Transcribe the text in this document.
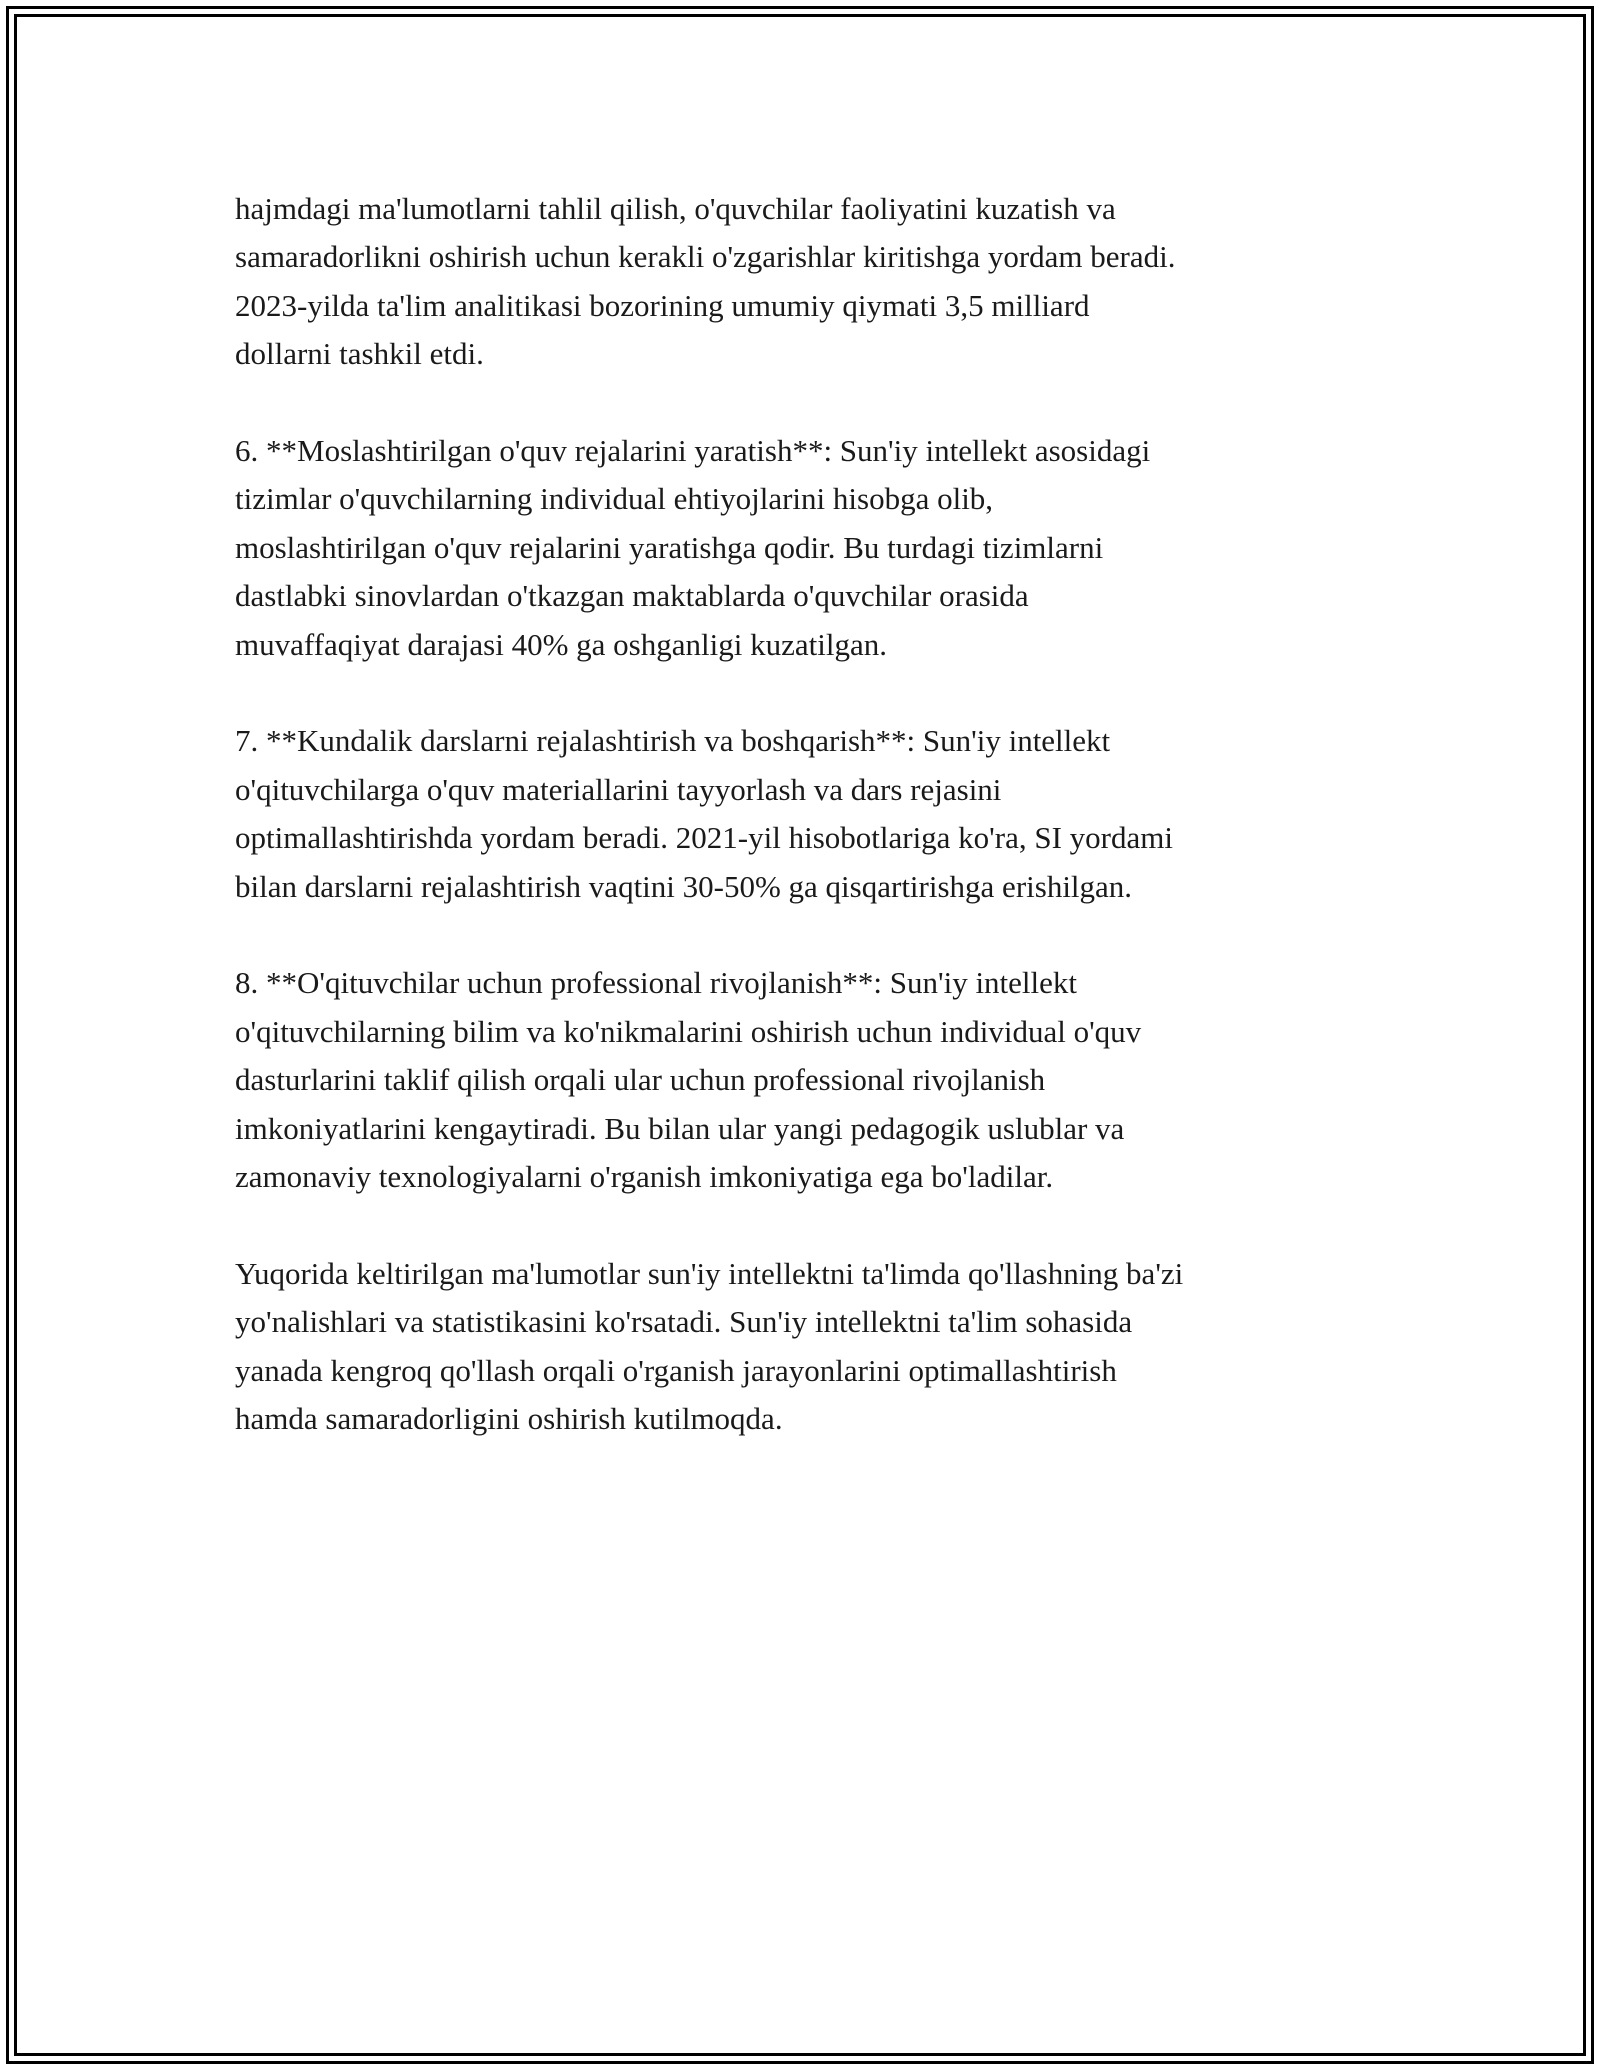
hajmdagi ma'lumotlarni tahlil qilish, o'quvchilar faoliyatini kuzatish va
samaradorlikni oshirish uchun kerakli o'zgarishlar kiritishga yordam beradi.
2023-yilda ta'lim analitikasi bozorining umumiy qiymati 3,5 milliard
dollarni tashkil etdi.

6. **Moslashtirilgan o'quv rejalarini yaratish**: Sun'iy intellekt asosidagi
tizimlar o'quvchilarning individual ehtiyojlarini hisobga olib,
moslashtirilgan o'quv rejalarini yaratishga qodir. Bu turdagi tizimlarni
dastlabki sinovlardan o'tkazgan maktablarda o'quvchilar orasida
muvaffaqiyat darajasi 40% ga oshganligi kuzatilgan.

7. **Kundalik darslarni rejalashtirish va boshqarish**: Sun'iy intellekt
o'qituvchilarga o'quv materiallarini tayyorlash va dars rejasini
optimallashtirishda yordam beradi. 2021-yil hisobotlariga ko'ra, SI yordami
bilan darslarni rejalashtirish vaqtini 30-50% ga qisqartirishga erishilgan.

8. **O'qituvchilar uchun professional rivojlanish**: Sun'iy intellekt
o'qituvchilarning bilim va ko'nikmalarini oshirish uchun individual o'quv
dasturlarini taklif qilish orqali ular uchun professional rivojlanish
imkoniyatlarini kengaytiradi. Bu bilan ular yangi pedagogik uslublar va
zamonaviy texnologiyalarni o'rganish imkoniyatiga ega bo'ladilar.

Yuqorida keltirilgan ma'lumotlar sun'iy intellektni ta'limda qo'llashning ba'zi
yo'nalishlari va statistikasini ko'rsatadi. Sun'iy intellektni ta'lim sohasida
yanada kengroq qo'llash orqali o'rganish jarayonlarini optimallashtirish
hamda samaradorligini oshirish kutilmoqda.
